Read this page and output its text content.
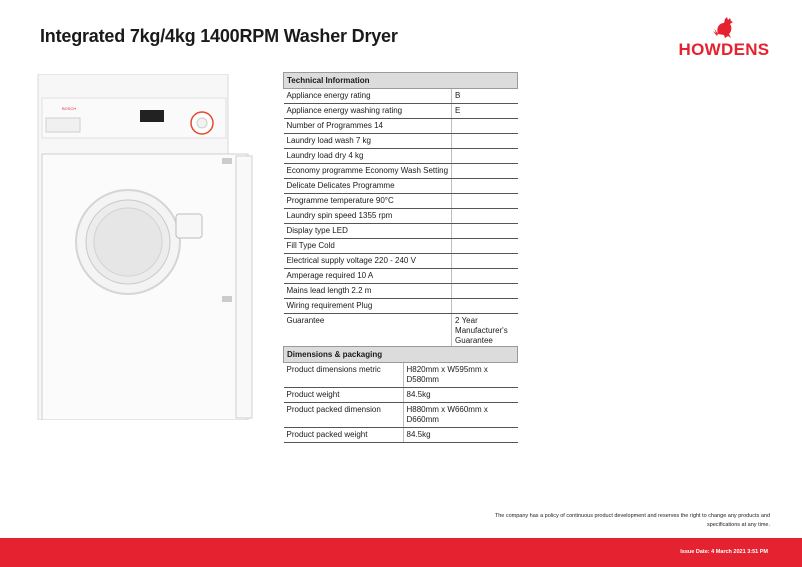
Integrated 7kg/4kg 1400RPM Washer Dryer
HOWDENS
BOSCH
Technical Information	
Appliance energy rating	B
Appliance energy washing rating	E
Number of Programmes 14	
Laundry load wash 7 kg	
Laundry load dry 4 kg	
Economy programme Economy Wash Setting	
Delicate Delicates Programme	
Programme temperature 90°C	
Laundry spin speed 1355 rpm	
Display type LED	
Fill Type Cold	
Electrical supply voltage 220 - 240 V	
Amperage required 10 A	
Mains lead length 2.2 m	
Wiring requirement Plug	
Guarantee	2 Year Manufacturer's Guarantee
Dimensions & packaging	
Product dimensions metric	H820mm x W595mm x D580mm
Product weight	84.5kg
Product packed dimension	H880mm x W660mm x D660mm
Product packed weight	84.5kg
The company has a policy of continuous product development and reserves the right to change any products and specifications at any time.
Issue Date: 4 March 2021 3:51 PM
